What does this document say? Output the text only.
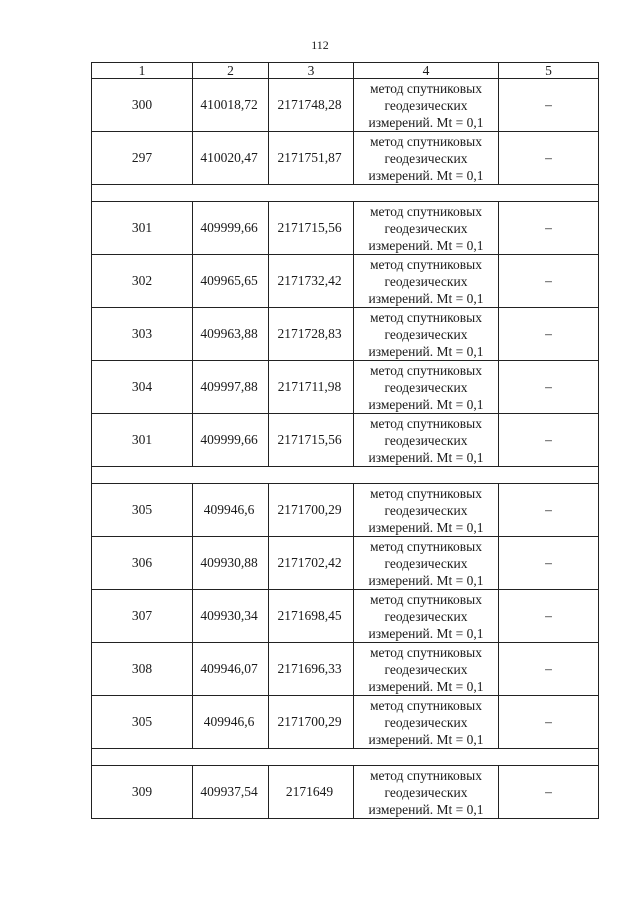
112
1	2	3	4	5
300	410018,72	2171748,28	метод спутниковых
геодезических
измерений. Mt = 0,1	–
297	410020,47	2171751,87	метод спутниковых
геодезических
измерений. Mt = 0,1	–

301	409999,66	2171715,56	метод спутниковых
геодезических
измерений. Mt = 0,1	–
302	409965,65	2171732,42	метод спутниковых
геодезических
измерений. Mt = 0,1	–
303	409963,88	2171728,83	метод спутниковых
геодезических
измерений. Mt = 0,1	–
304	409997,88	2171711,98	метод спутниковых
геодезических
измерений. Mt = 0,1	–
301	409999,66	2171715,56	метод спутниковых
геодезических
измерений. Mt = 0,1	–

305	409946,6	2171700,29	метод спутниковых
геодезических
измерений. Mt = 0,1	–
306	409930,88	2171702,42	метод спутниковых
геодезических
измерений. Mt = 0,1	–
307	409930,34	2171698,45	метод спутниковых
геодезических
измерений. Mt = 0,1	–
308	409946,07	2171696,33	метод спутниковых
геодезических
измерений. Mt = 0,1	–
305	409946,6	2171700,29	метод спутниковых
геодезических
измерений. Mt = 0,1	–

309	409937,54	2171649	метод спутниковых
геодезических
измерений. Mt = 0,1	–
